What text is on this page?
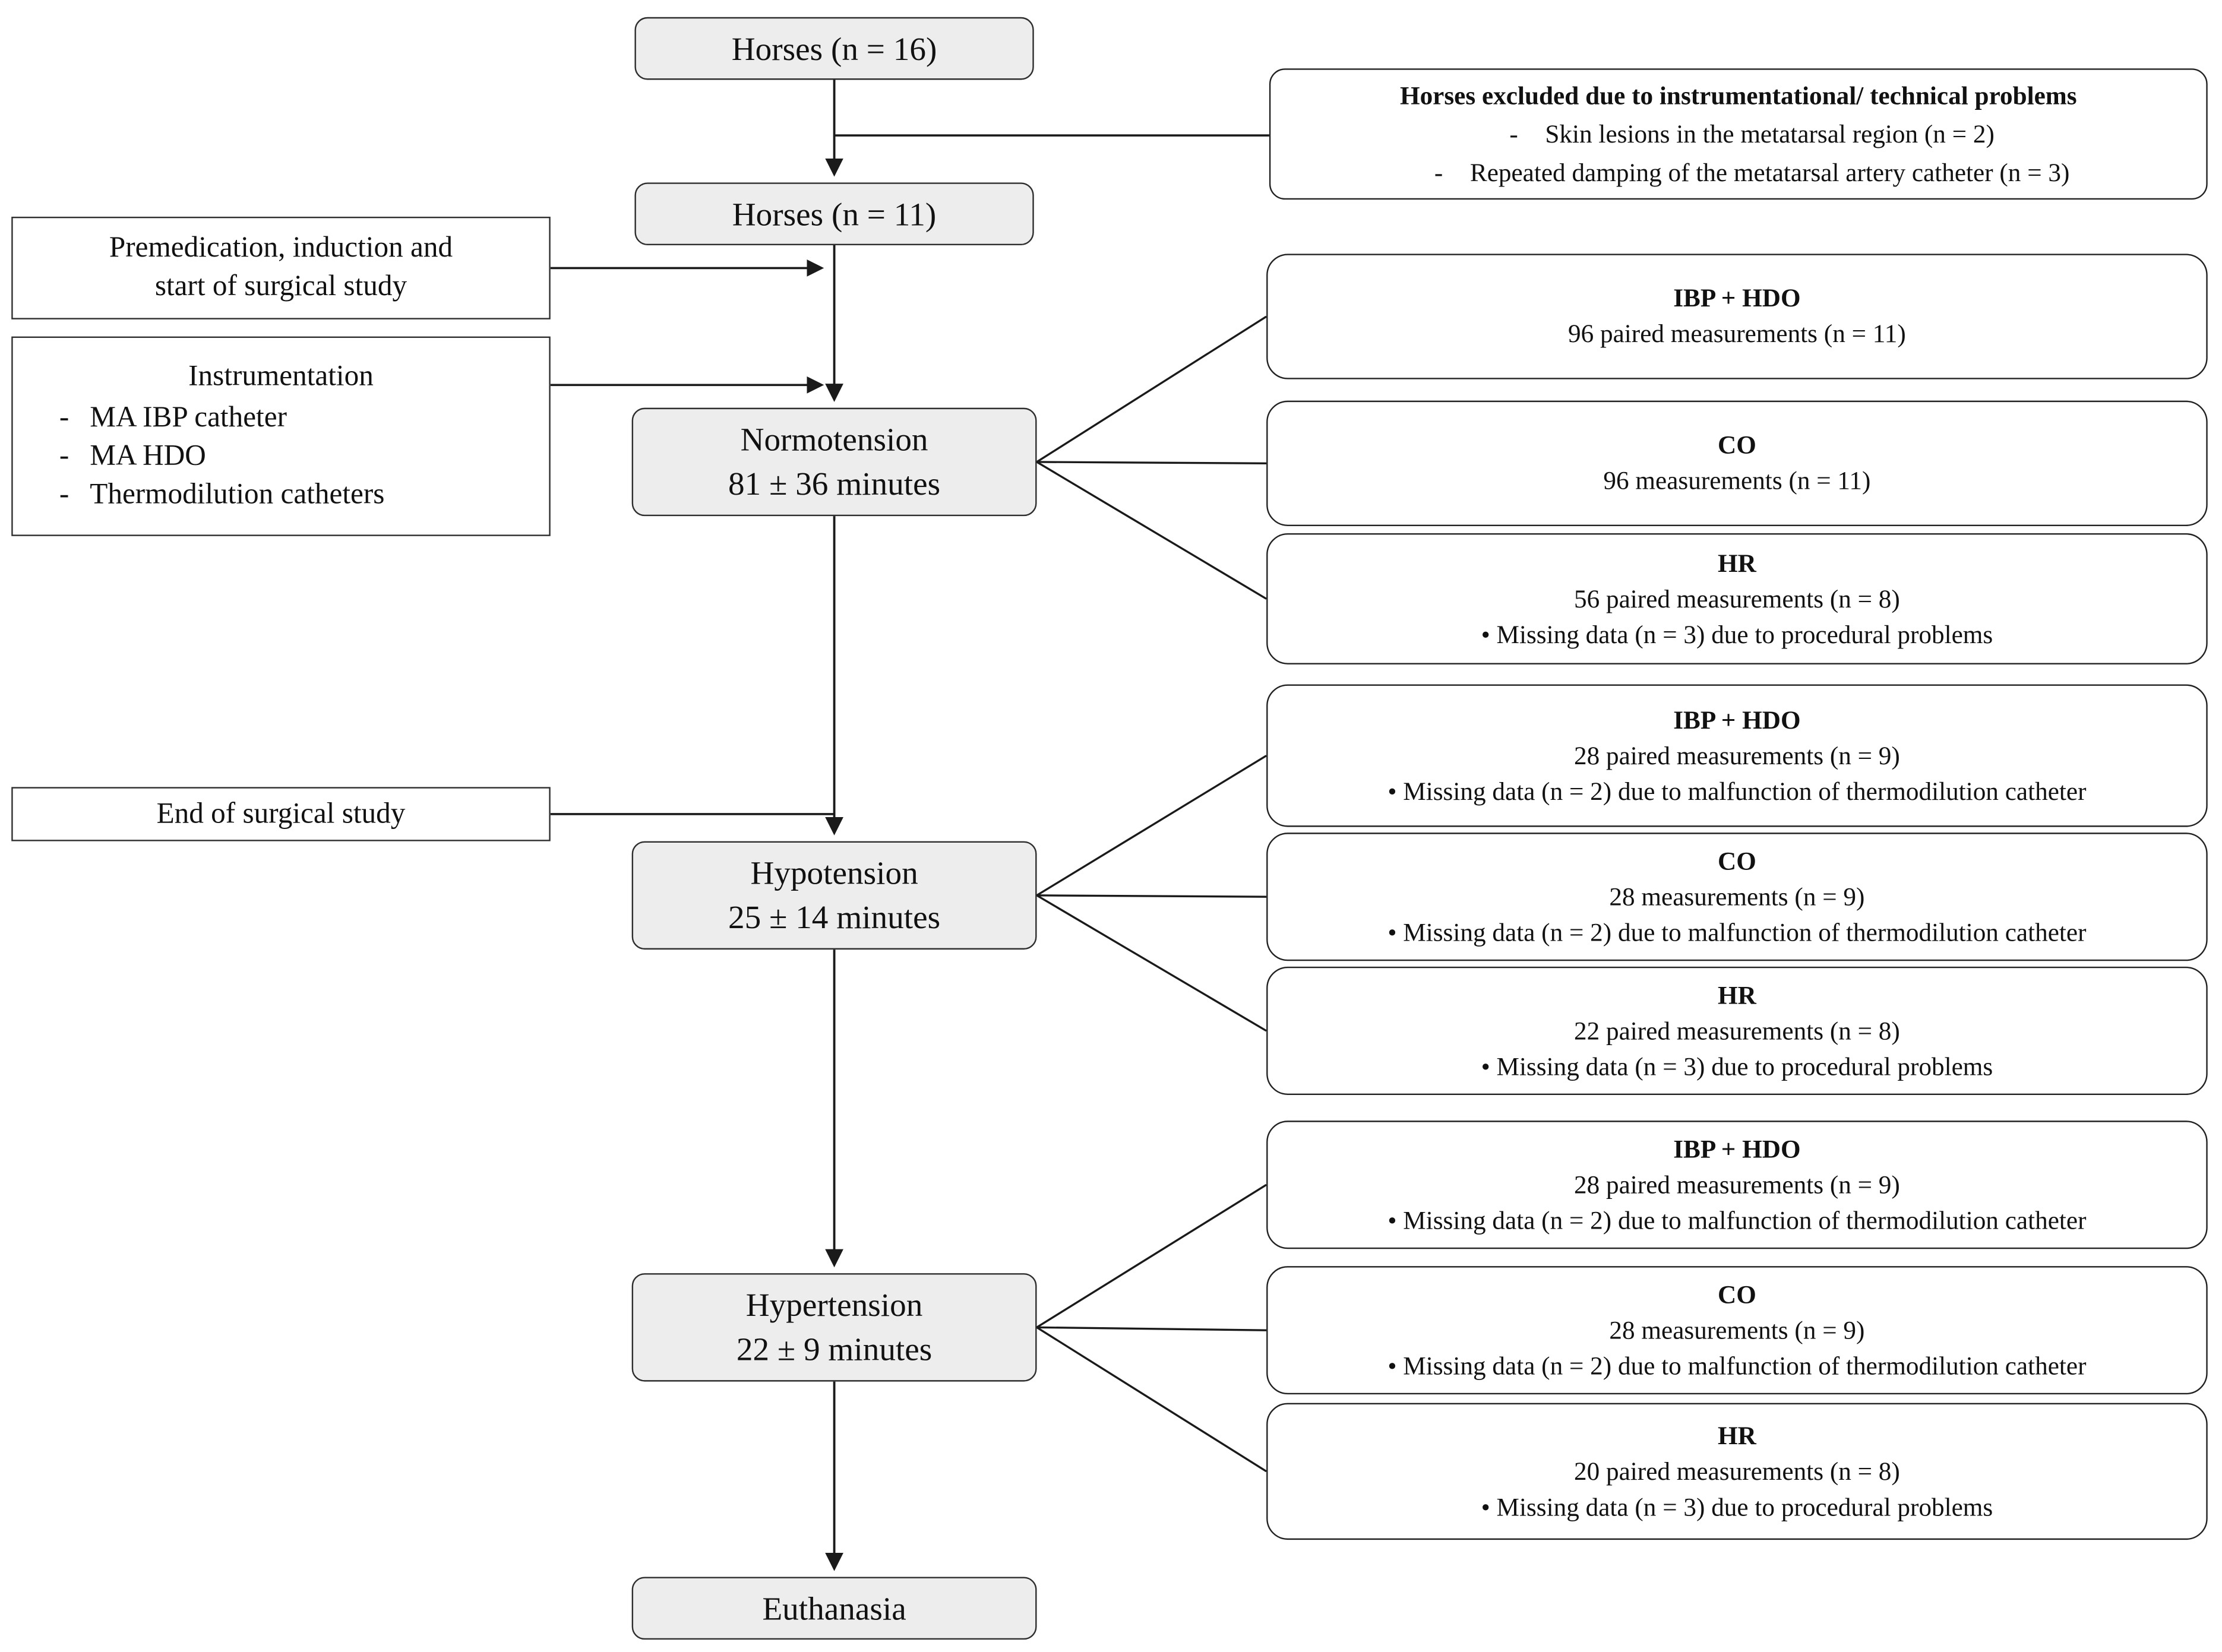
Horses (n = 16)
Horses (n = 11)
Normotension
81 ± 36 minutes
Hypotension
25 ± 14 minutes
Hypertension
22 ± 9 minutes
Euthanasia
Premedication, induction and
start of surgical study
Instrumentation
-	MA IBP catheter
-	MA HDO
-	Thermodilution catheters
End of surgical study
Horses excluded due to instrumentational/ technical problems
-	Skin lesions in the metatarsal region (n = 2)
-	Repeated damping of the metatarsal artery catheter (n = 3)
IBP + HDO
96 paired measurements (n = 11)
CO
96 measurements (n = 11)
HR
56 paired measurements (n = 8)
• Missing data (n = 3) due to procedural problems
IBP + HDO
28 paired measurements (n = 9)
• Missing data (n = 2) due to malfunction of thermodilution catheter
CO
28 measurements (n = 9)
• Missing data (n = 2) due to malfunction of thermodilution catheter
HR
22 paired measurements (n = 8)
• Missing data (n = 3) due to procedural problems
IBP + HDO
28 paired measurements (n = 9)
• Missing data (n = 2) due to malfunction of thermodilution catheter
CO
28 measurements (n = 9)
• Missing data (n = 2) due to malfunction of thermodilution catheter
HR
20 paired measurements (n = 8)
• Missing data (n = 3) due to procedural problems
